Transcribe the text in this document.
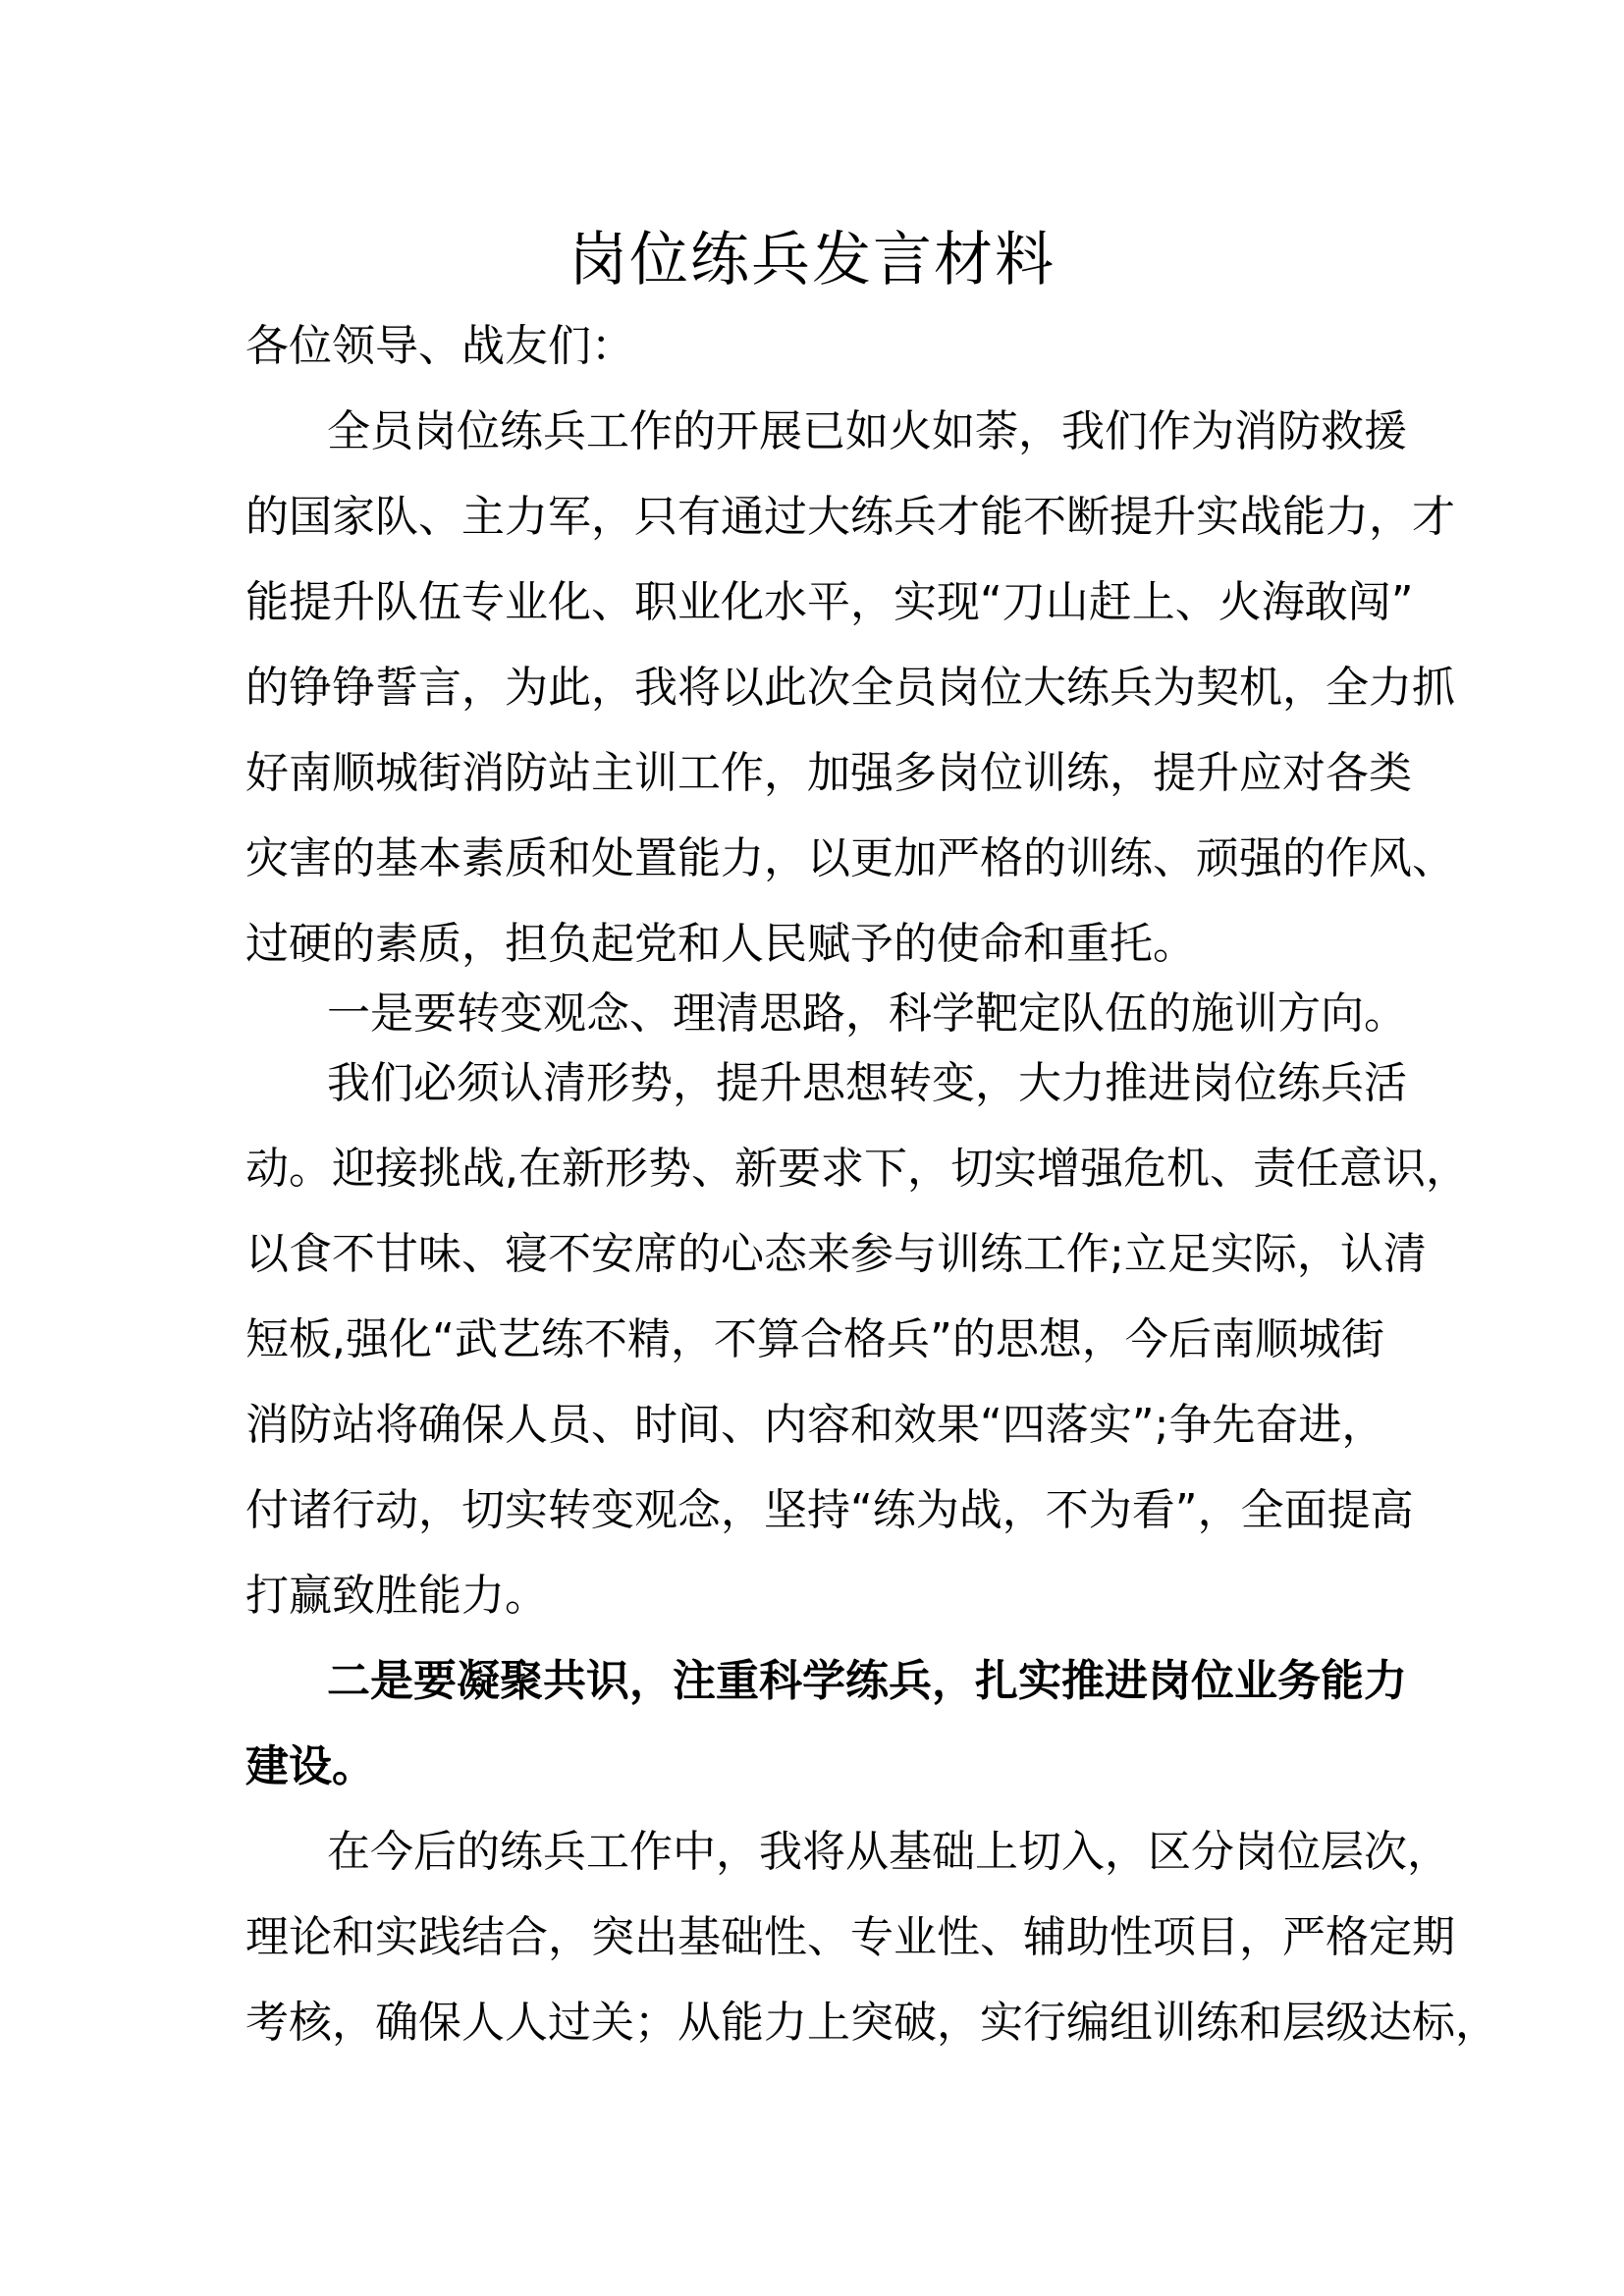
岗位练兵发言材料
各位领导、战友们：
全员岗位练兵工作的开展已如火如荼，我们作为消防救援
的国家队、主力军，只有通过大练兵才能不断提升实战能力，才
能提升队伍专业化、职业化水平，实现“刀山赶上、火海敢闯”
的铮铮誓言，为此，我将以此次全员岗位大练兵为契机，全力抓
好南顺城街消防站主训工作，加强多岗位训练，提升应对各类
灾害的基本素质和处置能力，以更加严格的训练、顽强的作风、
过硬的素质，担负起党和人民赋予的使命和重托。
一是要转变观念、理清思路，科学靶定队伍的施训方向。
我们必须认清形势，提升思想转变，大力推进岗位练兵活
动。迎接挑战,在新形势、新要求下，切实增强危机、责任意识，
以食不甘味、寝不安席的心态来参与训练工作;立足实际，认清
短板,强化“武艺练不精，不算合格兵”的思想，今后南顺城街
消防站将确保人员、时间、内容和效果“四落实”;争先奋进，
付诸行动，切实转变观念，坚持“练为战，不为看”，全面提高
打赢致胜能力。
二是要凝聚共识，注重科学练兵，扎实推进岗位业务能力
建设。
在今后的练兵工作中，我将从基础上切入，区分岗位层次，
理论和实践结合，突出基础性、专业性、辅助性项目，严格定期
考核，确保人人过关；从能力上突破，实行编组训练和层级达标，
